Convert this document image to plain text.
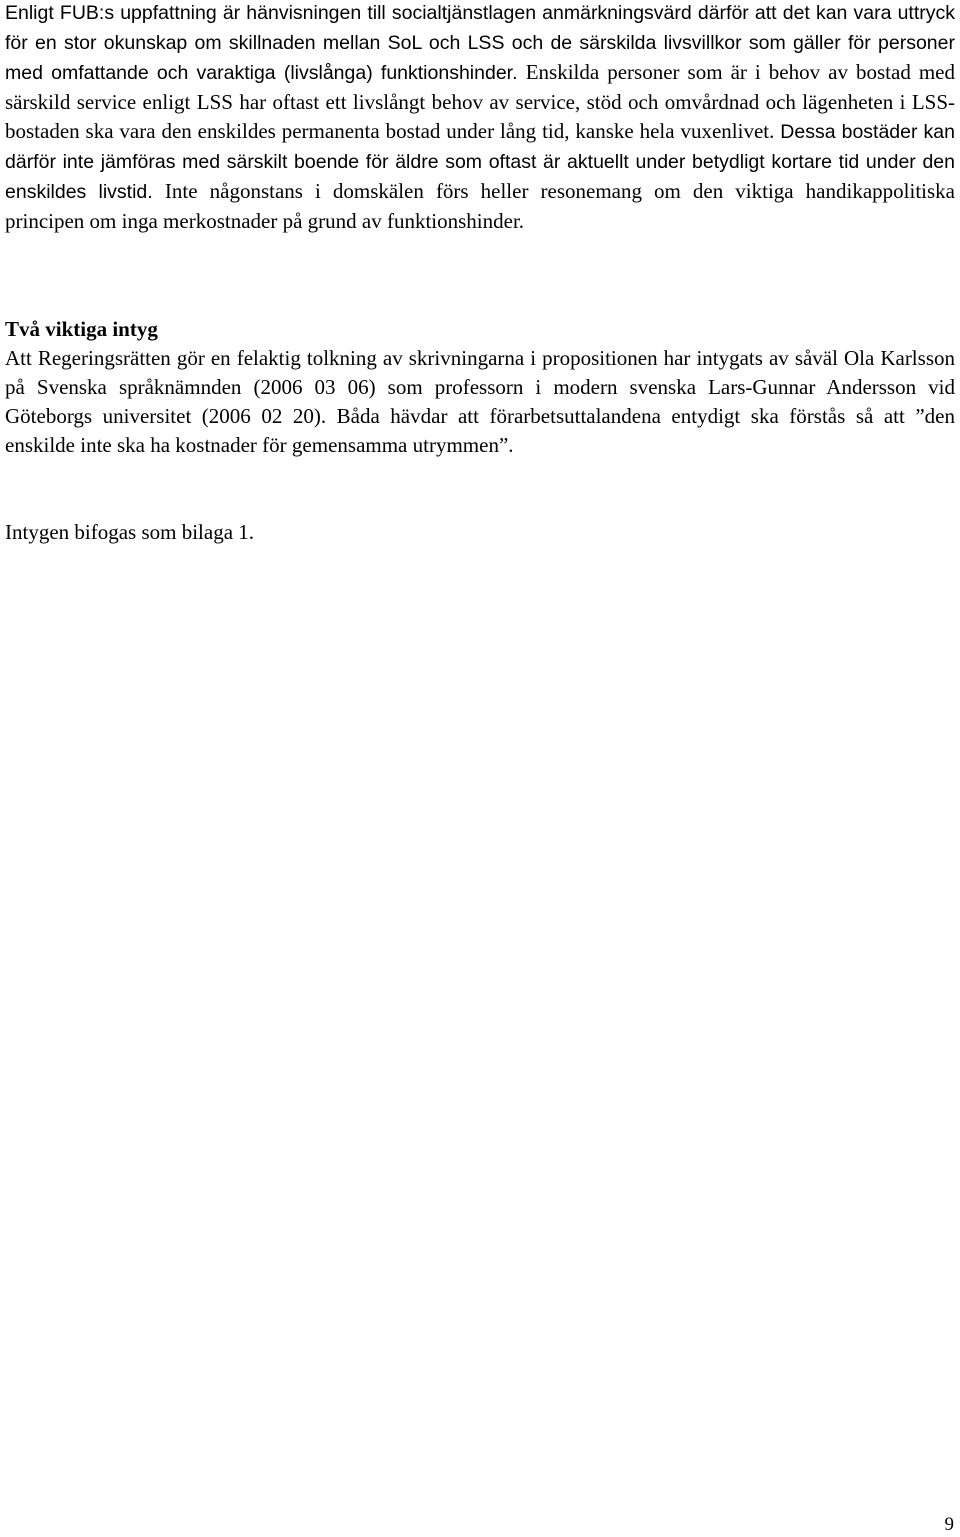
Enligt FUB:s uppfattning är hänvisningen till socialtjänstlagen anmärkningsvärd därför att det kan vara uttryck för en stor okunskap om skillnaden mellan SoL och LSS och de särskilda livsvillkor som gäller för personer med omfattande och varaktiga (livslånga) funktionshinder. Enskilda personer som är i behov av bostad med särskild service enligt LSS har oftast ett livslångt behov av service, stöd och omvårdnad och lägenheten i LSS-bostaden ska vara den enskildes permanenta bostad under lång tid, kanske hela vuxenlivet. Dessa bostäder kan därför inte jämföras med särskilt boende för äldre som oftast är aktuellt under betydligt kortare tid under den enskildes livstid. Inte någonstans i domskälen förs heller resonemang om den viktiga handikappolitiska principen om inga merkostnader på grund av funktionshinder.

Två viktiga intyg

Att Regeringsrätten gör en felaktig tolkning av skrivningarna i propositionen har intygats av såväl Ola Karlsson på Svenska språknämnden (2006 03 06) som professorn i modern svenska Lars-Gunnar Andersson vid Göteborgs universitet (2006 02 20). Båda hävdar att förarbetsuttalandena entydigt ska förstås så att ”den enskilde inte ska ha kostnader för gemensamma utrymmen”.

Intygen bifogas som bilaga 1.

9
